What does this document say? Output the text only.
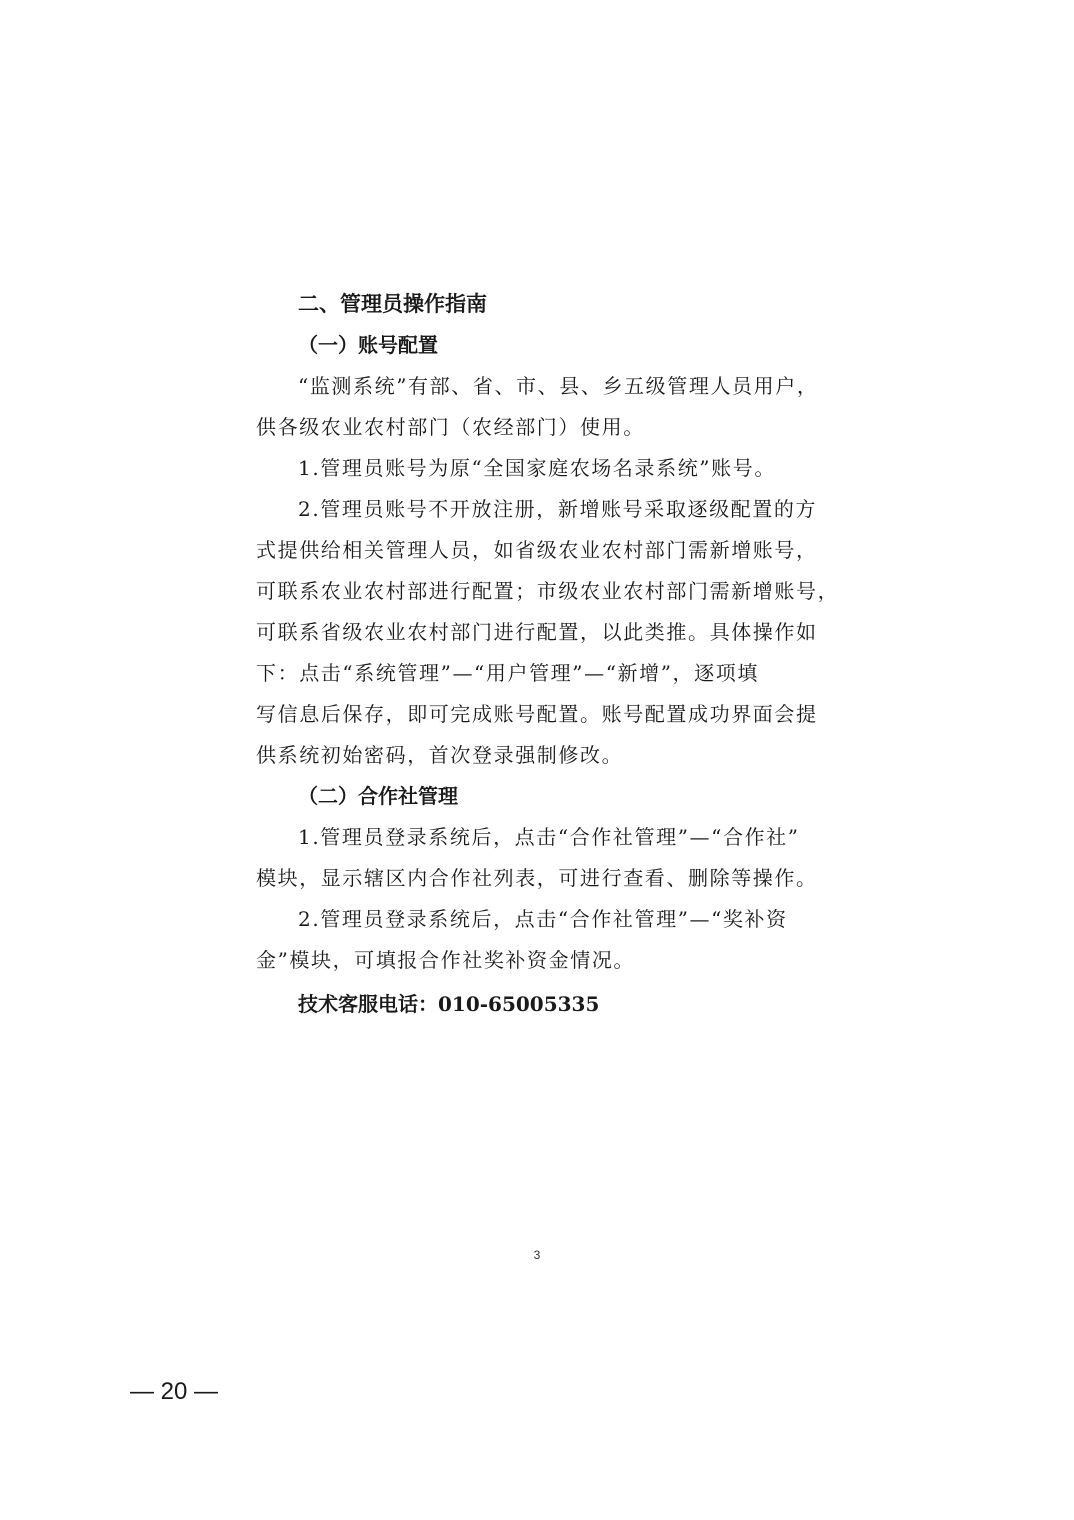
二、管理员操作指南
（一）账号配置
“监测系统”有部、省、市、县、乡五级管理人员用户，
供各级农业农村部门（农经部门）使用。
1.管理员账号为原“全国家庭农场名录系统”账号。
2.管理员账号不开放注册，新增账号采取逐级配置的方
式提供给相关管理人员，如省级农业农村部门需新增账号，
可联系农业农村部进行配置；市级农业农村部门需新增账号，
可联系省级农业农村部门进行配置，以此类推。具体操作如
下：点击“系统管理”—“用户管理”—“新增”，逐项填
写信息后保存，即可完成账号配置。账号配置成功界面会提
供系统初始密码，首次登录强制修改。
（二）合作社管理
1.管理员登录系统后，点击“合作社管理”—“合作社”
模块，显示辖区内合作社列表，可进行查看、删除等操作。
2.管理员登录系统后，点击“合作社管理”—“奖补资
金”模块，可填报合作社奖补资金情况。
技术客服电话：010-65005335
3
— 20 —
